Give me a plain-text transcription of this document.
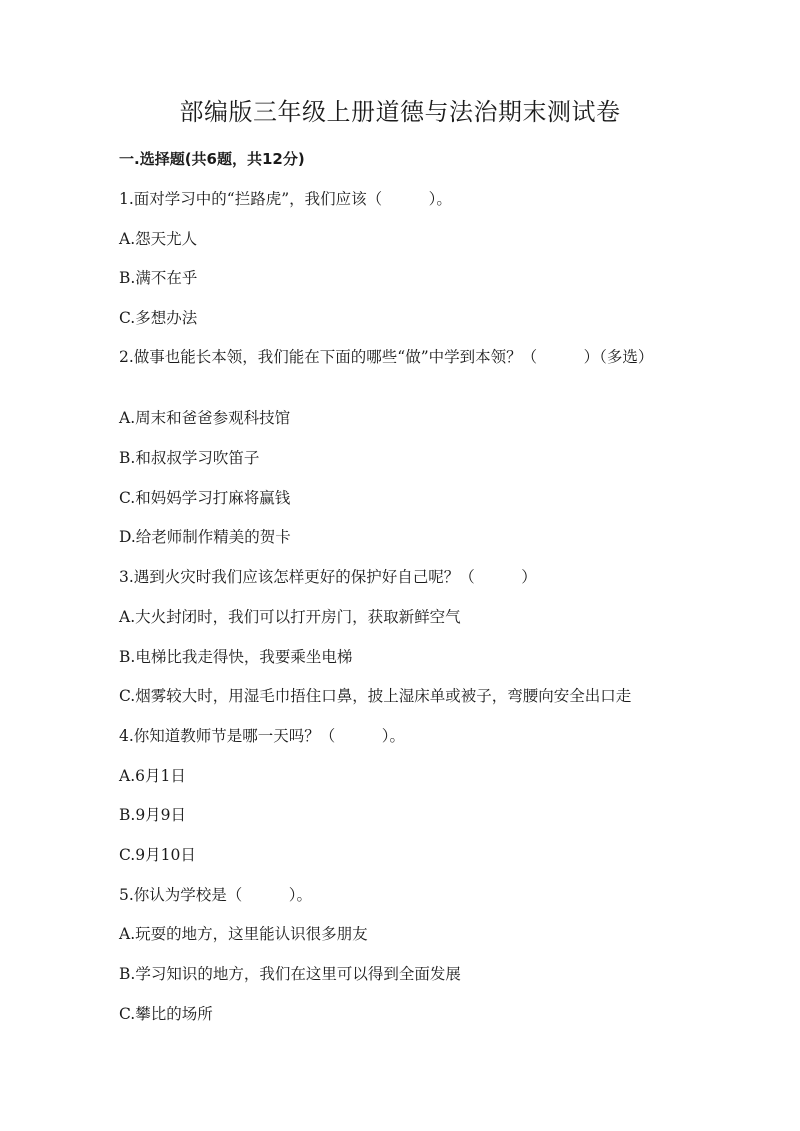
部编版三年级上册道德与法治期末测试卷
一.选择题(共6题，共12分)
1.面对学习中的“拦路虎”，我们应该（　　　）。
A.怨天尤人
B.满不在乎
C.多想办法
2.做事也能长本领，我们能在下面的哪些“做”中学到本领？（　　　）（多选）
A.周末和爸爸参观科技馆
B.和叔叔学习吹笛子
C.和妈妈学习打麻将赢钱
D.给老师制作精美的贺卡
3.遇到火灾时我们应该怎样更好的保护好自己呢？（　　　）
A.大火封闭时，我们可以打开房门，获取新鲜空气
B.电梯比我走得快，我要乘坐电梯
C.烟雾较大时，用湿毛巾捂住口鼻，披上湿床单或被子，弯腰向安全出口走
4.你知道教师节是哪一天吗？（　　　）。
A.6月1日
B.9月9日
C.9月10日
5.你认为学校是（　　　）。
A.玩耍的地方，这里能认识很多朋友
B.学习知识的地方，我们在这里可以得到全面发展
C.攀比的场所
